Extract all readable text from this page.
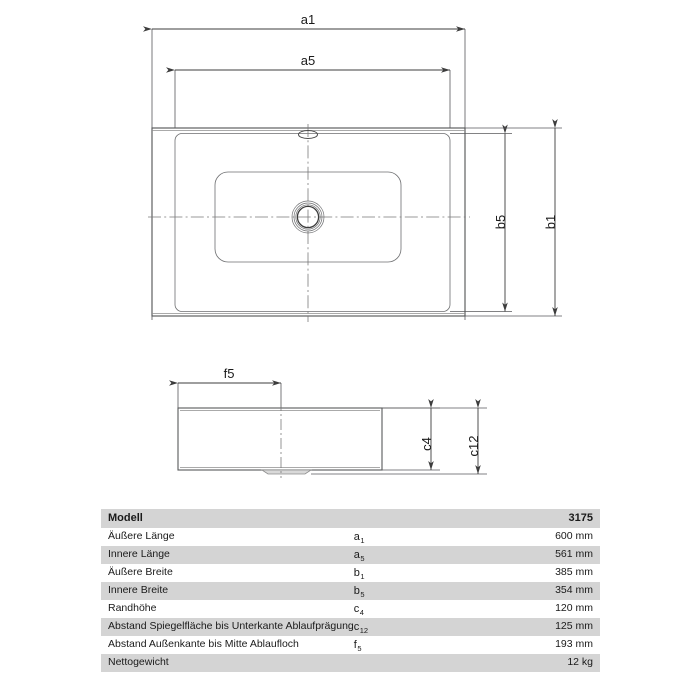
a1
a5
b5	b1
f5
c4 c12
Modell		3175
Äußere Länge	$a_1$	600 mm
Innere Länge	$a_5$	561 mm
Äußere Breite	$b_1$	385 mm
Innere Breite	$b_5$	354 mm
Randhöhe	$c_4$	120 mm
Abstand Spiegelfläche bis Unterkante Ablaufprägung	$c_{12}$	125 mm
Abstand Außenkante bis Mitte Ablaufloch	$f_5$	193 mm
Nettogewicht		12 kg
